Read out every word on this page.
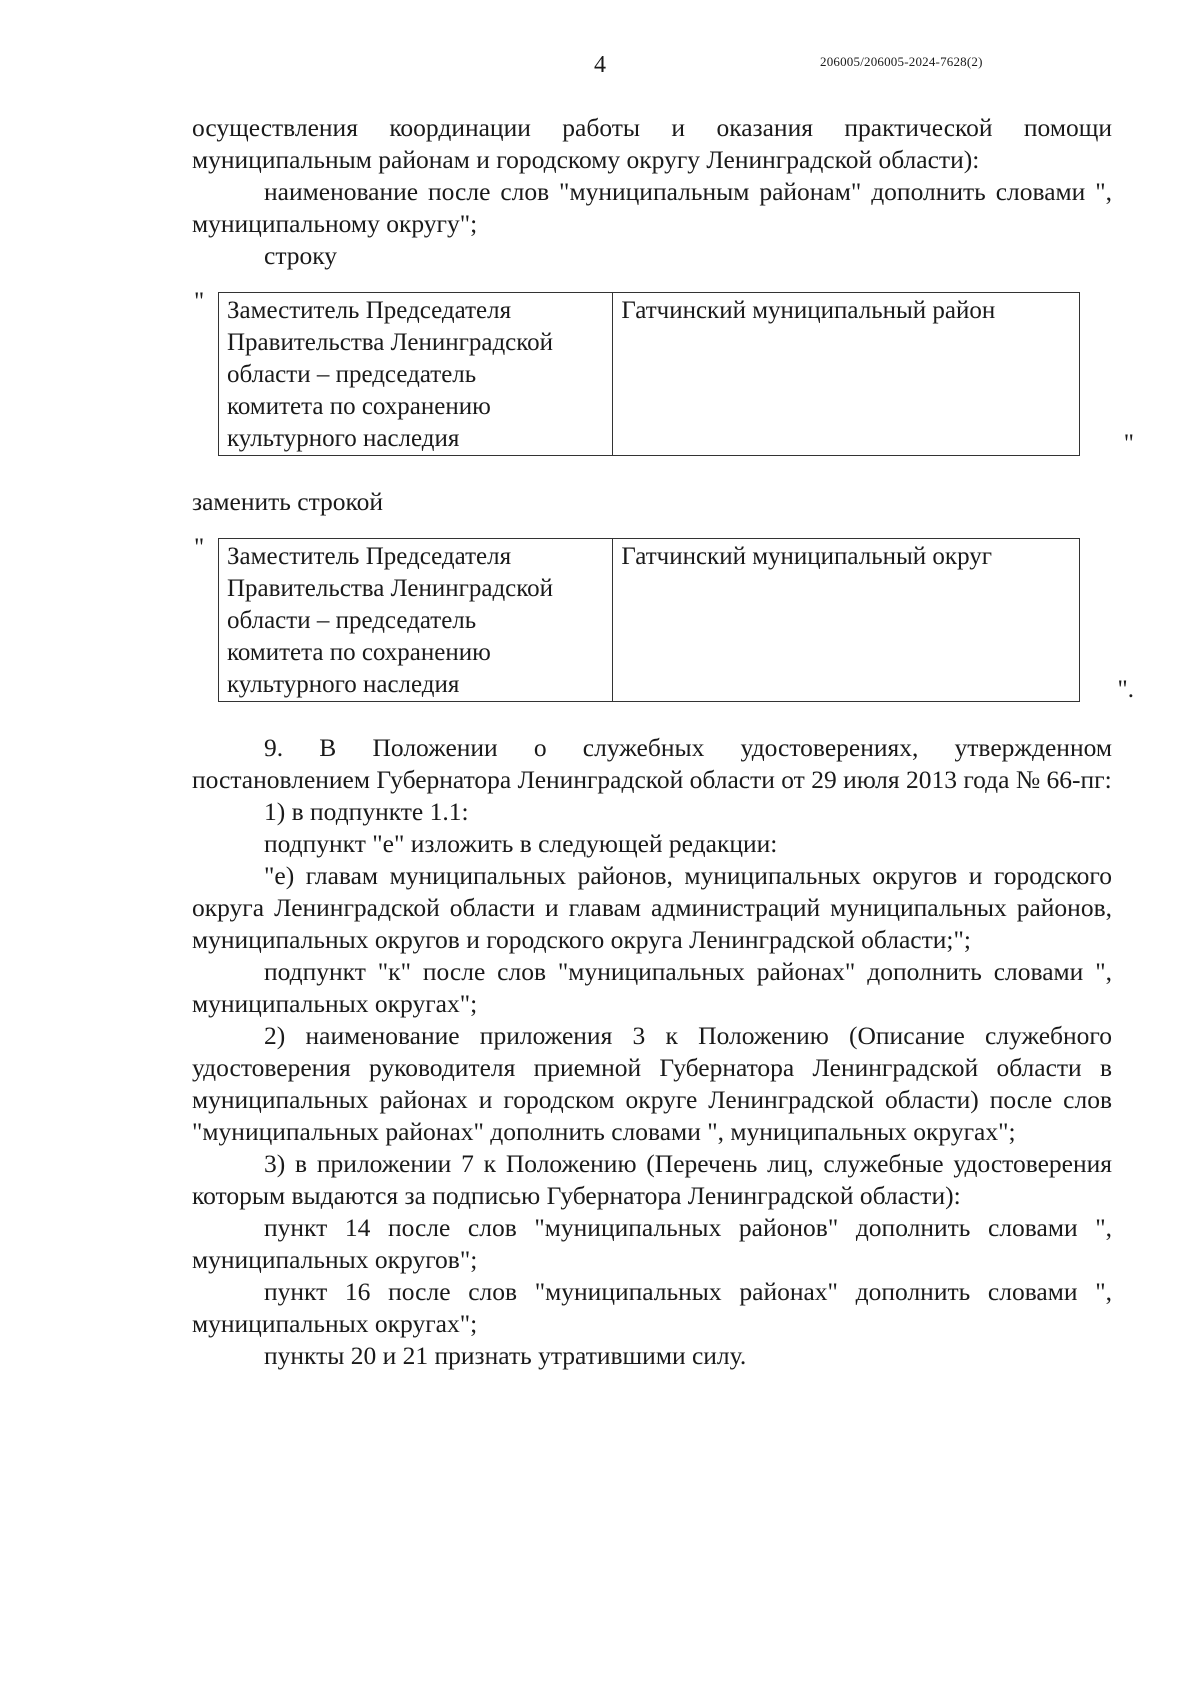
4	206005/206005-2024-7628(2)

осуществления координации работы и оказания практической помощи муниципальным районам и городскому округу Ленинградской области):

наименование после слов "муниципальным районам" дополнить словами ", муниципальному округу";

строку

" Заместитель Председателя
Правительства Ленинградской
области – председатель
комитета по сохранению
культурного наследия
	Гатчинский муниципальный район
"

заменить строкой

" Заместитель Председателя
Правительства Ленинградской
области – председатель
комитета по сохранению
культурного наследия
	Гатчинский муниципальный округ
".

9. В Положении о служебных удостоверениях, утвержденном постановлением Губернатора Ленинградской области от 29 июля 2013 года № 66-пг:

1) в подпункте 1.1:

подпункт "е" изложить в следующей редакции:

"е) главам муниципальных районов, муниципальных округов и городского округа Ленинградской области и главам администраций муниципальных районов, муниципальных округов и городского округа Ленинградской области;";

подпункт "к" после слов "муниципальных районах" дополнить словами ", муниципальных округах";

2) наименование приложения 3 к Положению (Описание служебного удостоверения руководителя приемной Губернатора Ленинградской области в муниципальных районах и городском округе Ленинградской области) после слов "муниципальных районах" дополнить словами ", муниципальных округах";

3) в приложении 7 к Положению (Перечень лиц, служебные удостоверения которым выдаются за подписью Губернатора Ленинградской области):

пункт 14 после слов "муниципальных районов" дополнить словами ", муниципальных округов";

пункт 16 после слов "муниципальных районах" дополнить словами ", муниципальных округах";

пункты 20 и 21 признать утратившими силу.
